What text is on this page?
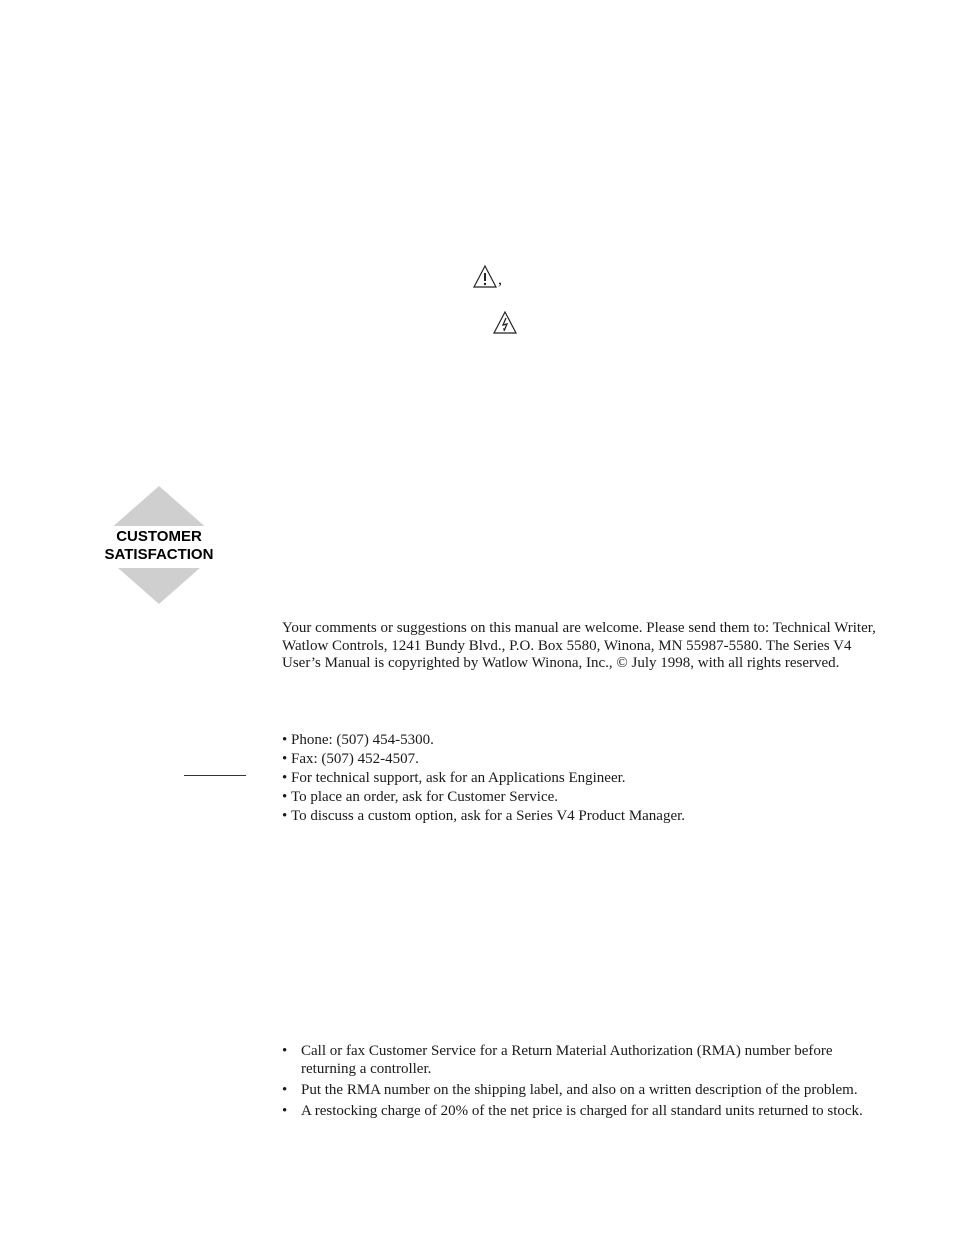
,
CUSTOMER
SATISFACTION

Your comments or suggestions on this manual are welcome. Please send them to: Technical Writer, Watlow Controls, 1241 Bundy Blvd., P.O. Box 5580, Winona, MN 55987-5580. The Series V4 User’s Manual is copyrighted by Watlow Winona, Inc., © July 1998, with all rights reserved.

• Phone: (507) 454-5300.
• Fax: (507) 452-4507.
• For technical support, ask for an Applications Engineer.
• To place an order, ask for Customer Service.
• To discuss a custom option, ask for a Series V4 Product Manager.
• Call or fax Customer Service for a Return Material Authorization (RMA) number before returning a controller.
• Put the RMA number on the shipping label, and also on a written description of the problem.
• A restocking charge of 20% of the net price is charged for all standard units returned to stock.
